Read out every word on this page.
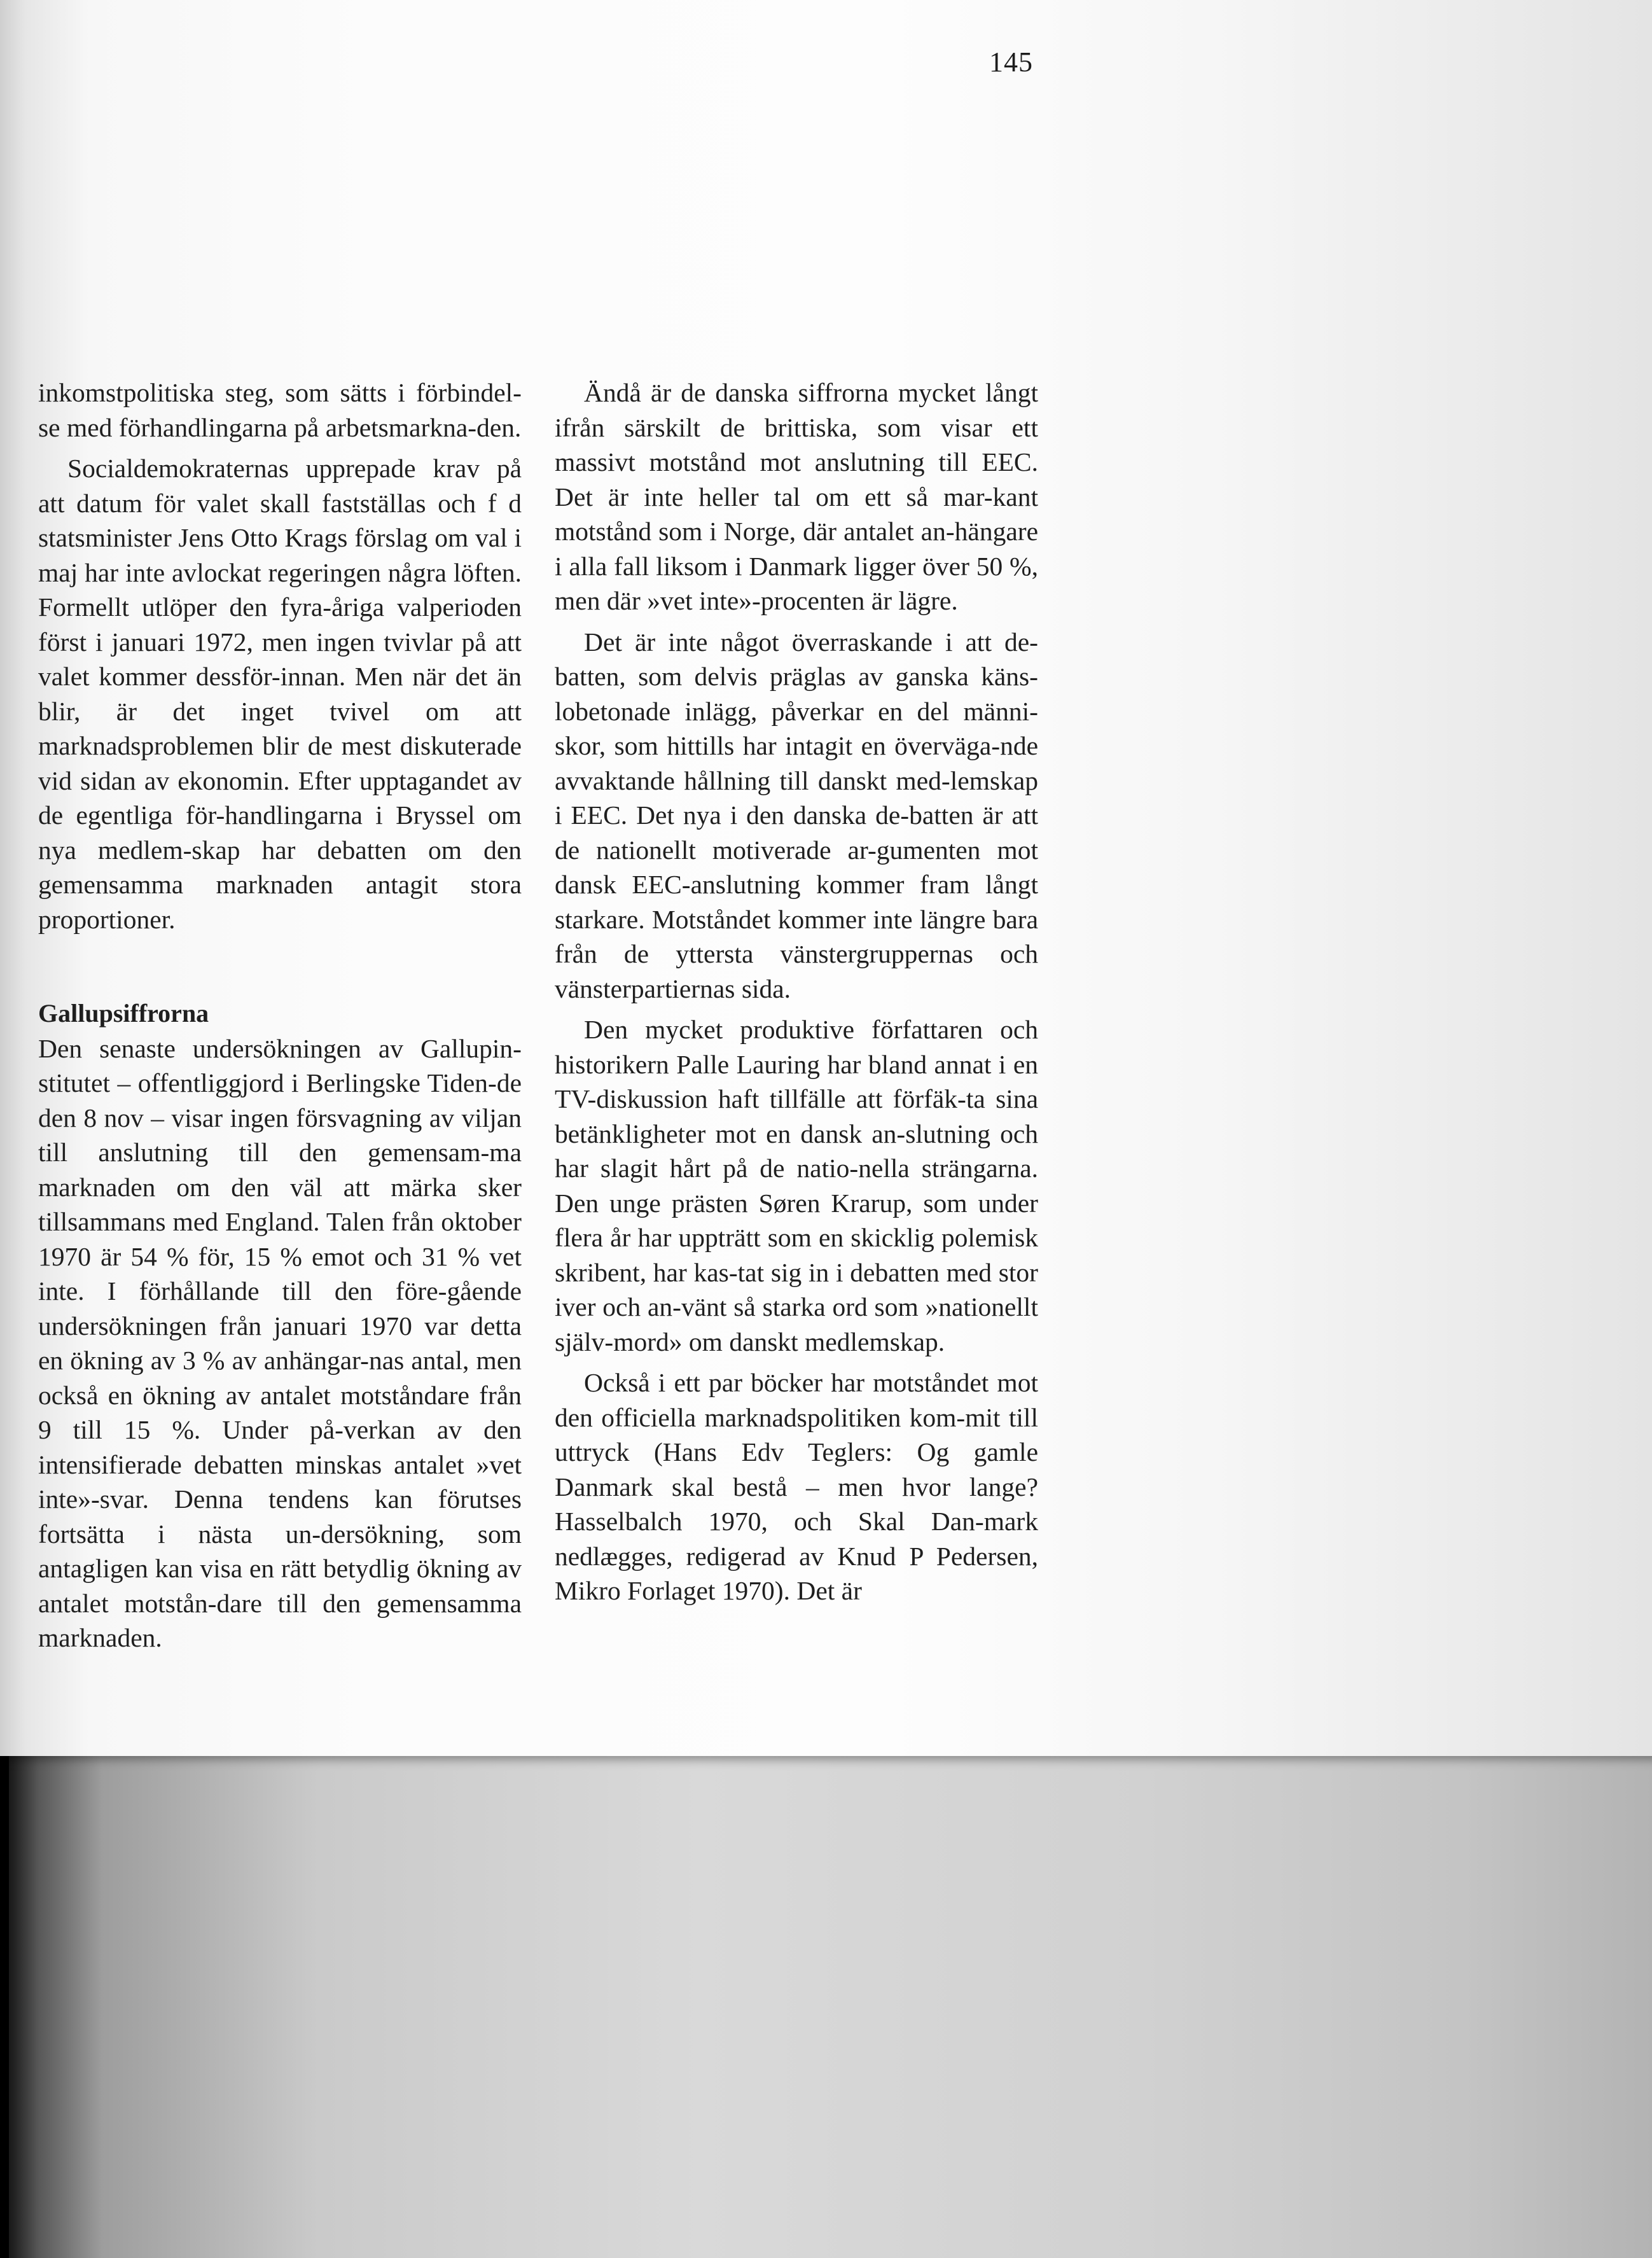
145

inkomstpolitiska steg, som sätts i förbindel-se med förhandlingarna på arbetsmarkna-den.

Socialdemokraternas upprepade krav på att datum för valet skall fastställas och f d statsminister Jens Otto Krags förslag om val i maj har inte avlockat regeringen några löften. Formellt utlöper den fyra-åriga valperioden först i januari 1972, men ingen tvivlar på att valet kommer dessför-innan. Men när det än blir, är det inget tvivel om att marknadsproblemen blir de mest diskuterade vid sidan av ekonomin. Efter upptagandet av de egentliga för-handlingarna i Bryssel om nya medlem-skap har debatten om den gemensamma marknaden antagit stora proportioner.

Gallupsiffrorna

Den senaste undersökningen av Gallupin-stitutet – offentliggjord i Berlingske Tiden-de den 8 nov – visar ingen försvagning av viljan till anslutning till den gemensam-ma marknaden om den väl att märka sker tillsammans med England. Talen från oktober 1970 är 54 % för, 15 % emot och 31 % vet inte. I förhållande till den före-gående undersökningen från januari 1970 var detta en ökning av 3 % av anhängar-nas antal, men också en ökning av antalet motståndare från 9 till 15 %. Under på-verkan av den intensifierade debatten minskas antalet »vet inte»-svar. Denna tendens kan förutses fortsätta i nästa un-dersökning, som antagligen kan visa en rätt betydlig ökning av antalet motstån-dare till den gemensamma marknaden.

Ändå är de danska siffrorna mycket långt ifrån särskilt de brittiska, som visar ett massivt motstånd mot anslutning till EEC. Det är inte heller tal om ett så mar-kant motstånd som i Norge, där antalet an-hängare i alla fall liksom i Danmark ligger över 50 %, men där »vet inte»-procenten är lägre.

Det är inte något överraskande i att de-batten, som delvis präglas av ganska käns-lobetonade inlägg, påverkar en del männi-skor, som hittills har intagit en överväga-nde avvaktande hållning till danskt med-lemskap i EEC. Det nya i den danska de-batten är att de nationellt motiverade ar-gumenten mot dansk EEC-anslutning kommer fram långt starkare. Motståndet kommer inte längre bara från de yttersta vänstergruppernas och vänsterpartiernas sida.

Den mycket produktive författaren och historikern Palle Lauring har bland annat i en TV-diskussion haft tillfälle att förfäk-ta sina betänkligheter mot en dansk an-slutning och har slagit hårt på de natio-nella strängarna. Den unge prästen Søren Krarup, som under flera år har uppträtt som en skicklig polemisk skribent, har kas-tat sig in i debatten med stor iver och an-vänt så starka ord som »nationellt själv-mord» om danskt medlemskap.

Också i ett par böcker har motståndet mot den officiella marknadspolitiken kom-mit till uttryck (Hans Edv Teglers: Og gamle Danmark skal bestå – men hvor lange? Hasselbalch 1970, och Skal Dan-mark nedlægges, redigerad av Knud P Pedersen, Mikro Forlaget 1970). Det är
